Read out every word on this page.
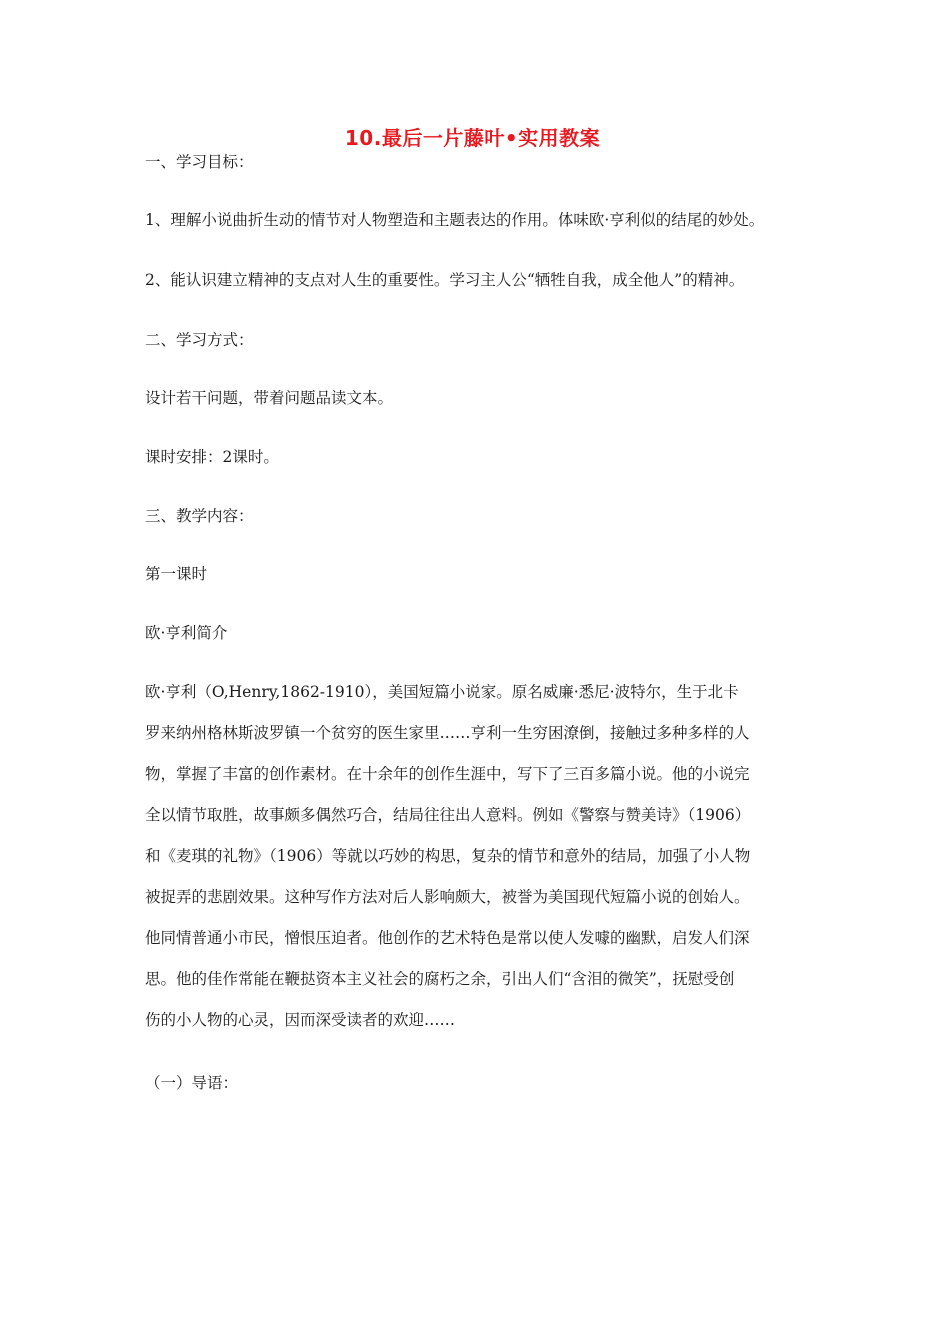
10.最后一片藤叶•实用教案
一、学习目标：
1、理解小说曲折生动的情节对人物塑造和主题表达的作用。体味欧·亨利似的结尾的妙处。
2、能认识建立精神的支点对人生的重要性。学习主人公“牺牲自我，成全他人”的精神。
二、学习方式：
设计若干问题，带着问题品读文本。
课时安排：2课时。
三、教学内容：
第一课时
欧·亨利简介
欧·亨利（O,Henry,1862-1910），美国短篇小说家。原名威廉·悉尼·波特尔，生于北卡
罗来纳州格林斯波罗镇一个贫穷的医生家里……亨利一生穷困潦倒，接触过多种多样的人
物，掌握了丰富的创作素材。在十余年的创作生涯中，写下了三百多篇小说。他的小说完
全以情节取胜，故事颇多偶然巧合，结局往往出人意料。例如《警察与赞美诗》（1906）
和《麦琪的礼物》（1906）等就以巧妙的构思，复杂的情节和意外的结局，加强了小人物
被捉弄的悲剧效果。这种写作方法对后人影响颇大，被誉为美国现代短篇小说的创始人。
他同情普通小市民，憎恨压迫者。他创作的艺术特色是常以使人发噱的幽默，启发人们深
思。他的佳作常能在鞭挞资本主义社会的腐朽之余，引出人们“含泪的微笑”，抚慰受创
伤的小人物的心灵，因而深受读者的欢迎……
（一）导语：
